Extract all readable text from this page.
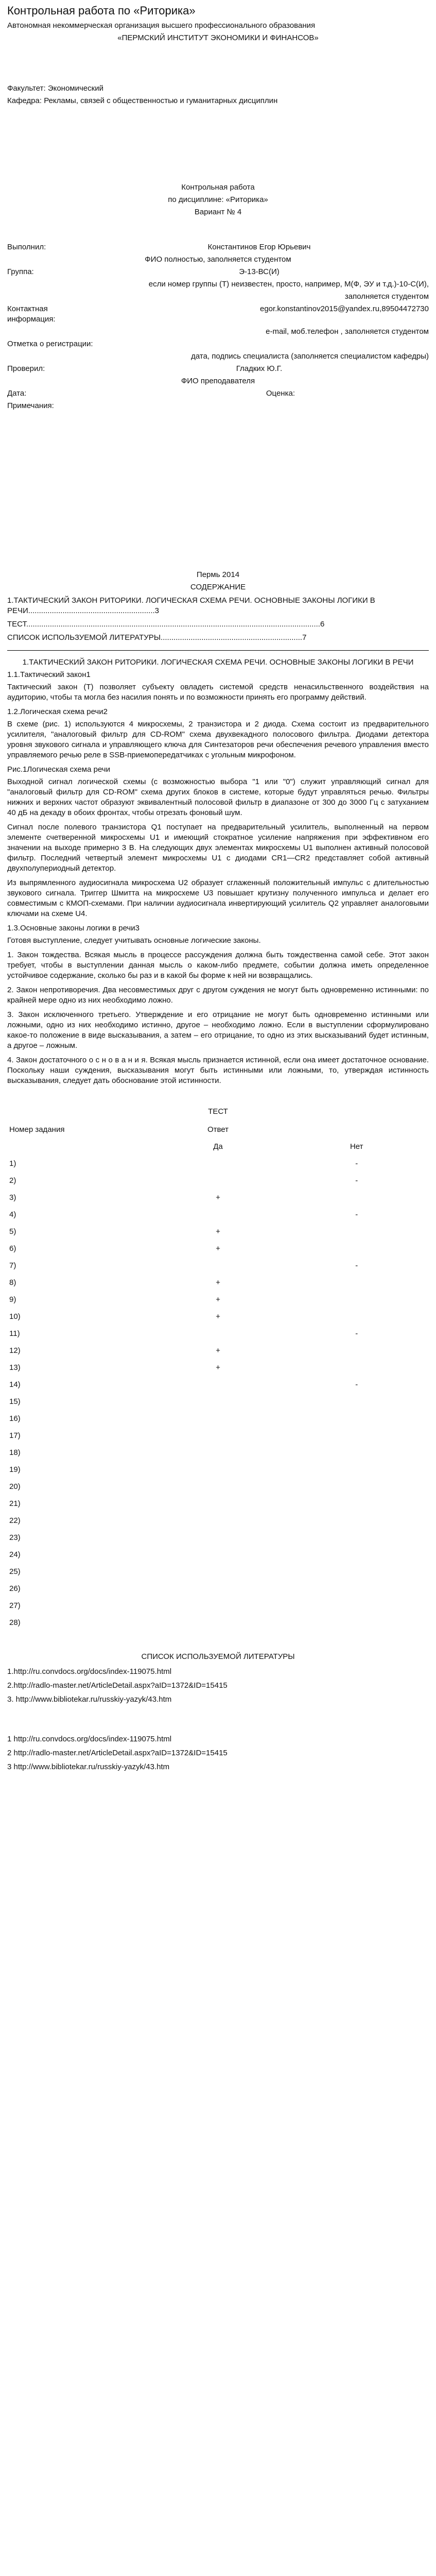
Контрольная работа по «Риторика»
Автономная некоммерческая организация высшего профессионального образования
«ПЕРМСКИЙ ИНСТИТУТ ЭКОНОМИКИ И ФИНАНСОВ»
Факультет: Экономический
Кафедра: Рекламы, связей с общественностью и гуманитарных дисциплин
Контрольная работа
по дисциплине: «Риторика»
Вариант № 4
Выполнил:	Константинов Егор Юрьевич
ФИО полностью, заполняется студентом
Группа:	Э-13-ВС(И)
если номер группы (Т) неизвестен, просто, например, М(Ф, ЭУ и т.д.)-10-С(И),
заполняется студентом
Контактная информация:
egor.konstantinov2015@yandex.ru,89504472730
e-mail, моб.телефон , заполняется студентом
Отметка о регистрации:
дата, подпись специалиста (заполняется специалистом кафедры)
Проверил:	Гладких Ю.Г.
ФИО преподавателя
Дата:	Оценка:
Примечания:
Пермь 2014
СОДЕРЖАНИЕ
1.ТАКТИЧЕСКИЙ ЗАКОН РИТОРИКИ. ЛОГИЧЕСКАЯ СХЕМА РЕЧИ. ОСНОВНЫЕ ЗАКОНЫ ЛОГИКИ В РЕЧИ...........................................................3
ТЕСТ.........................................................................................................................................6
СПИСОК ИСПОЛЬЗУЕМОЙ ЛИТЕРАТУРЫ..................................................................7
1.ТАКТИЧЕСКИЙ ЗАКОН РИТОРИКИ. ЛОГИЧЕСКАЯ СХЕМА РЕЧИ. ОСНОВНЫЕ ЗАКОНЫ ЛОГИКИ В РЕЧИ
1.1.Тактический закон1

Тактический закон (Т) позволяет субъекту овладеть системой средств ненасильственного воздействия на аудиторию, чтобы та могла без насилия понять и по возможности принять его программу действий.

1.2.Логическая схема речи2

В схеме (рис. 1) используются 4 микросхемы, 2 транзистора и 2 диода. Схема состоит из предварительного усилителя, "аналоговый фильтр для CD-ROM" схема двухвекадного полосового фильтра. Диодами детектора уровня звукового сигнала и управляющего ключа для Синтезаторов речи обеспечения речевого управления вместо управляемого речью реле в SSB-приемопередатчиках с угольным микрофоном.

Рис.1Логическая схема речи

Выходной сигнал логической схемы (с возможностью выбора "1 или "0") служит управляющий сигнал для "аналоговый фильтр для CD-ROM" схема других блоков в системе, которые будут управляться речью. Фильтры нижних и верхних частот образуют эквивалентный полосовой фильтр в диапазоне от 300 до 3000 Гц с затуханием 40 дБ на декаду в обоих фронтах, чтобы отрезать фоновый шум.

Сигнал после полевого транзистора Q1 поступает на предварительный усилитель, выполненный на первом элементе счетверенной микросхемы U1 и имеющий стократное усиление напряжения при эффективном его значении на выходе примерно 3 В. На следующих двух элементах микросхемы U1 выполнен активный полосовой фильтр. Последний четвертый элемент микросхемы U1 с диодами CR1—CR2 представляет собой активный двухполупериодный детектор.

Из выпрямленного аудиосигнала микросхема U2 образует сглаженный положительный импульс с длительностью звукового сигнала. Триггер Шмитта на микросхеме U3 повышает крутизну полученного импульса и делает его совместимым с КМОП-схемами. При наличии аудиосигнала инвертирующий усилитель Q2 управляет аналоговыми ключами на схеме U4.

1.3.Основные законы логики в речи3

Готовя выступление, следует учитывать основные логические законы.

1. Закон тождества. Всякая мысль в процессе рассуждения должна быть тождественна самой себе. Этот закон требует, чтобы в выступлении данная мысль о каком-либо предмете, событии должна иметь определенное устойчивое содержание, сколько бы раз и в какой бы форме к ней ни возвращались.

2. Закон непротиворечия. Два несовместимых друг с другом суждения не могут быть одновременно истинными: по крайней мере одно из них необходимо ложно.

3. Закон исключенного третьего. Утверждение и его отрицание не могут быть одновременно истинными или ложными, одно из них необходимо истинно, другое – необходимо ложно. Если в выступлении сформулировано какое-то положение в виде высказывания, а затем – его отрицание, то одно из этих высказываний будет истинным, а другое – ложным.

4. Закон достаточного о с н о в а н и я. Всякая мысль признается истинной, если она имеет достаточное основание. Поскольку наши суждения, высказывания могут быть истинными или ложными, то, утверждая истинность высказывания, следует дать обоснование этой истинности.

ТЕСТ
Номер задания	Ответ	
	Да	Нет
1)		-
2)		-
3)	+	
4)		-
5)	+	
6)	+	
7)		-
8)	+	
9)	+	
10)	+	
11)		-
12)	+	
13)	+	
14)		-
15)		
16)		
17)		
18)		
19)		
20)		
21)		
22)		
23)		
24)		
25)		
26)		
27)		
28)		
СПИСОК ИСПОЛЬЗУЕМОЙ ЛИТЕРАТУРЫ
1.http://ru.convdocs.org/docs/index-119075.html
2.http://radlo-master.net/ArticleDetail.aspx?aID=1372&ID=15415
3. http://www.bibliotekar.ru/russkiy-yazyk/43.htm
1 http://ru.convdocs.org/docs/index-119075.html
2 http://radlo-master.net/ArticleDetail.aspx?aID=1372&ID=15415
3 http://www.bibliotekar.ru/russkiy-yazyk/43.htm
